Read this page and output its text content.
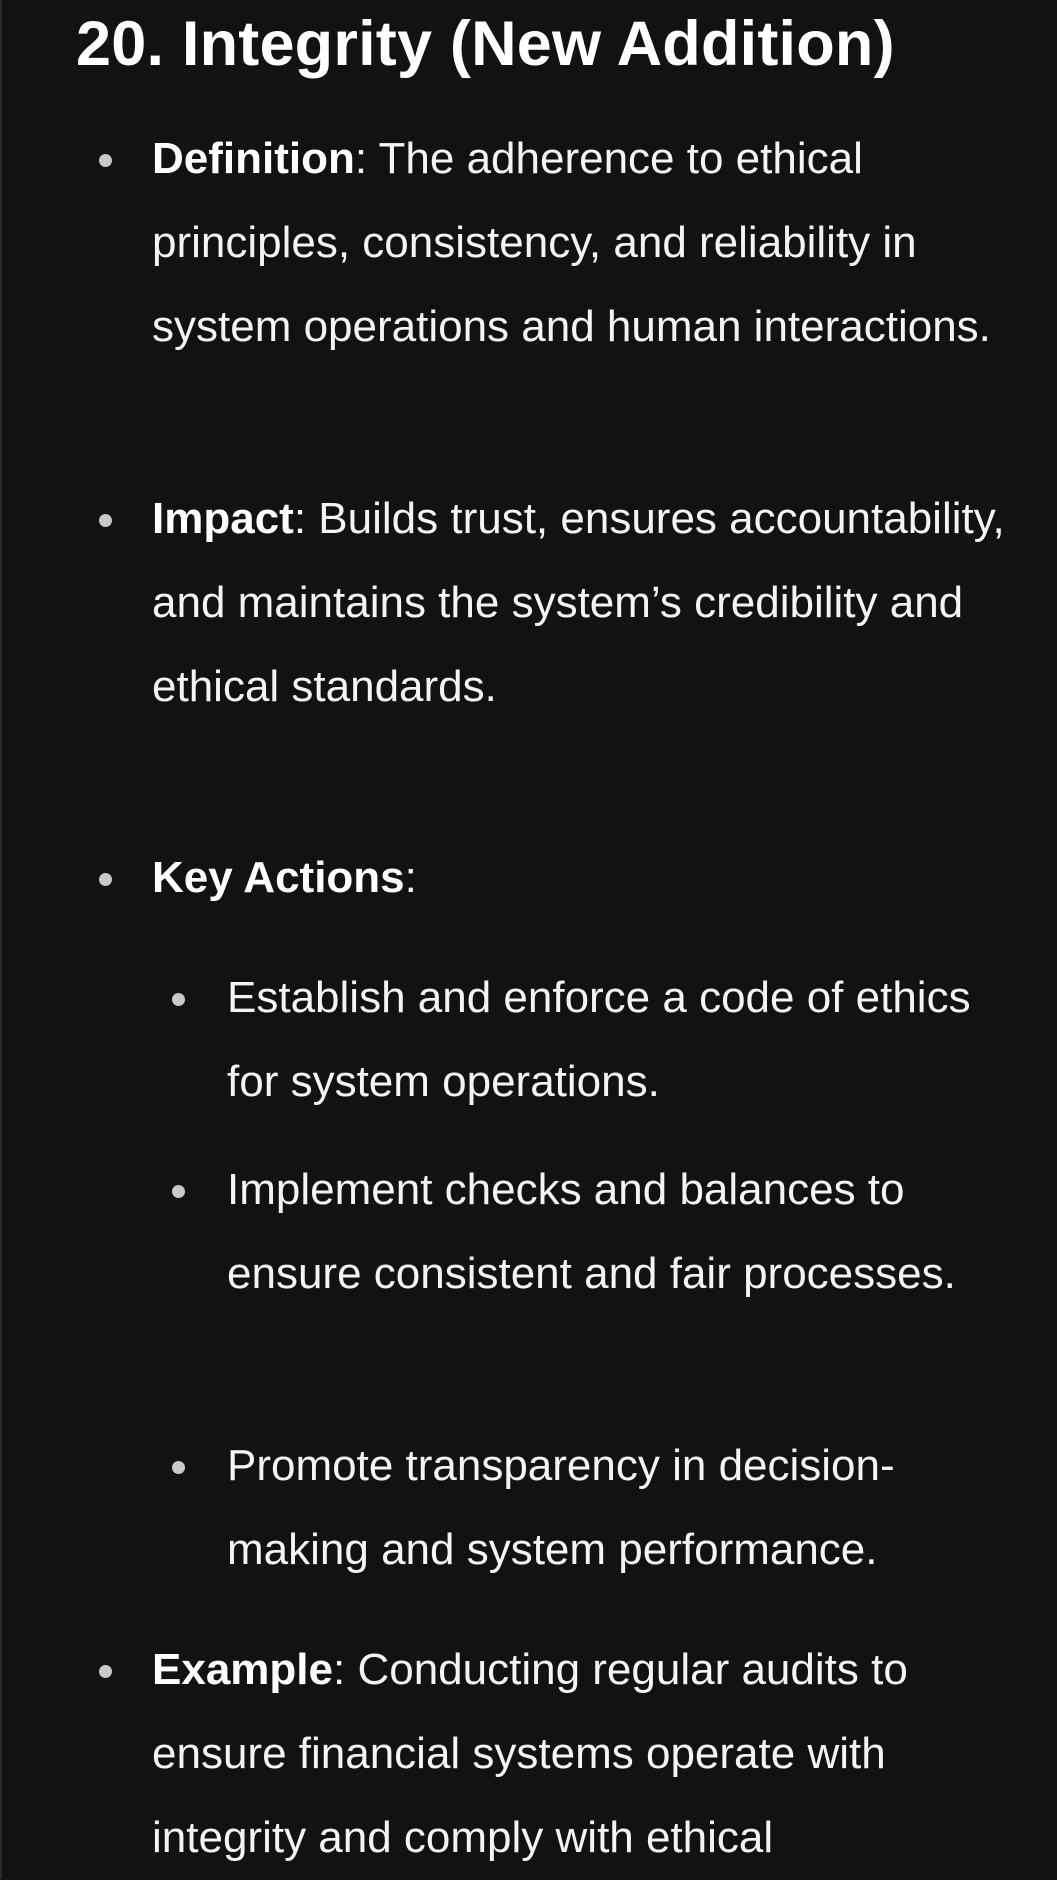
20. Integrity (New Addition)
Definition: The adherence to ethical principles, consistency, and reliability in system operations and human interactions.
Impact: Builds trust, ensures accountability, and maintains the system’s credibility and ethical standards.
Key Actions:
Establish and enforce a code of ethics for system operations.
Implement checks and balances to ensure consistent and fair processes.
Promote transparency in decision-making and system performance.
Example: Conducting regular audits to ensure financial systems operate with integrity and comply with ethical
